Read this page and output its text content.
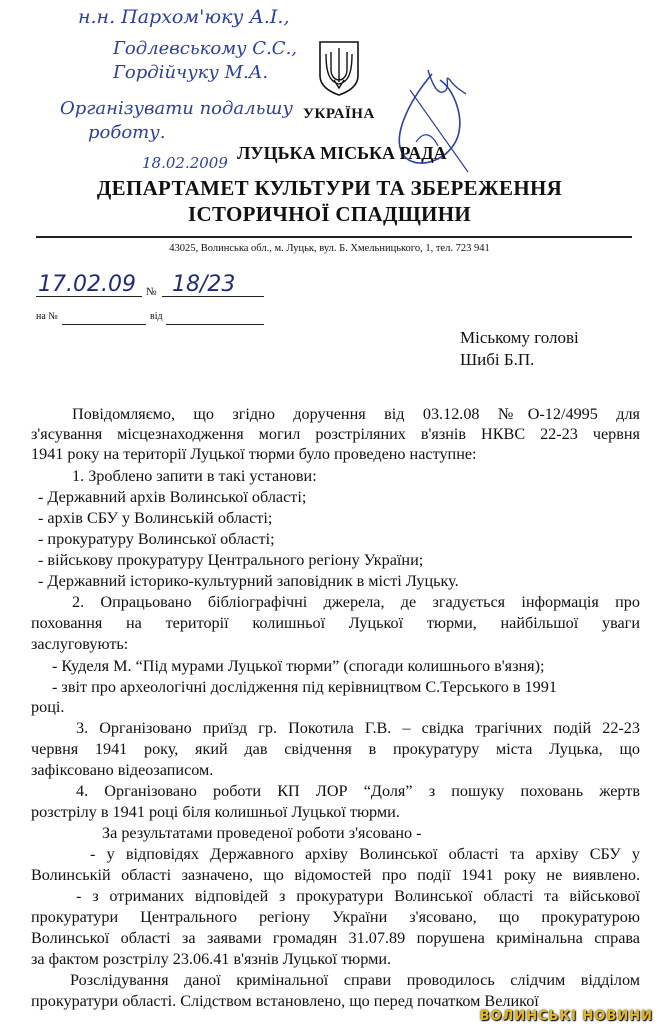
н.н. Пархом'юку А.І.,
Годлевському С.С.,
Гордійчуку М.А.
Організувати подальшу
роботу.
18.02.2009
УКРАЇНА
ЛУЦЬКА МІСЬКА РАДА
ДЕПАРТАМЕТ КУЛЬТУРИ ТА ЗБЕРЕЖЕННЯ
ІСТОРИЧНОЇ СПАДЩИНИ
43025, Волинська обл., м. Луцьк, вул. Б. Хмельницького, 1, тел. 723 941
17.02.09 № 18/23
на №	від
Міському голові
Шибі Б.П.
Повідомляємо, що згідно доручення від 03.12.08 №О-12/4995 для
з'ясування місцезнаходження могил розстріляних в'язнів НКВС 22-23 червня
1941 року на території Луцької тюрми було проведено наступне:
1. Зроблено запити в такі установи:
- Державний архів Волинської області;
- архів СБУ у Волинській області;
- прокуратуру Волинської області;
- військову прокуратуру Центрального регіону України;
- Державний історико-культурний заповідник в місті Луцьку.
2. Опрацьовано бібліографічні джерела, де згадується інформація про
поховання на території колишньої Луцької тюрми, найбільшої уваги
заслуговують:
- Куделя М. “Під мурами Луцької тюрми” (спогади колишнього в'язня);
- звіт про археологічні дослідження під керівництвом С.Терського в 1991
році.
3. Організовано приїзд гр. Покотила Г.В. – свідка трагічних подій 22-23
червня 1941 року, який дав свідчення в прокуратуру міста Луцька, що
зафіксовано відеозаписом.
4. Організовано роботи КП ЛОР “Доля” з пошуку поховань жертв
розстрілу в 1941 році біля колишньої Луцької тюрми.
За результатами проведеної роботи з'ясовано -
- у відповідях Державного архіву Волинської області та архіву СБУ у
Волинській області зазначено, що відомостей про події 1941 року не виявлено.
- з отриманих відповідей з прокуратури Волинської області та військової
прокуратури Центрального регіону України з'ясовано, що прокуратурою
Волинської області за заявами громадян 31.07.89 порушена кримінальна справа
за фактом розстрілу 23.06.41 в'язнів Луцької тюрми.
Розслідування даної кримінальної справи проводилось слідчим відділом
прокуратури області. Слідством встановлено, що перед початком Великої
ВОЛИНСЬКІ НОВИНИ
